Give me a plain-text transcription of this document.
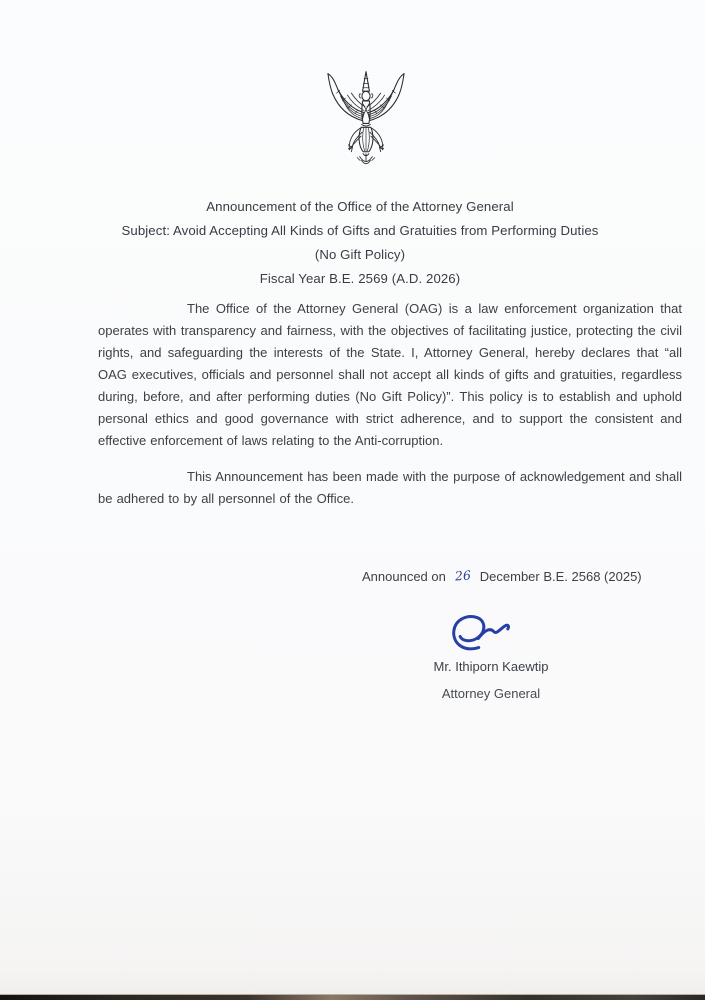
Announcement of the Office of the Attorney General
Subject: Avoid Accepting All Kinds of Gifts and Gratuities from Performing Duties
(No Gift Policy)
Fiscal Year B.E. 2569 (A.D. 2026)

The Office of the Attorney General (OAG) is a law enforcement organization that operates with transparency and fairness, with the objectives of facilitating justice, protecting the civil rights, and safeguarding the interests of the State. I, Attorney General, hereby declares that “all OAG executives, officials and personnel shall not accept all kinds of gifts and gratuities, regardless during, before, and after performing duties (No Gift Policy)”. This policy is to establish and uphold personal ethics and good governance with strict adherence, and to support the consistent and effective enforcement of laws relating to the Anti-corruption.

This Announcement has been made with the purpose of acknowledgement and shall be adhered to by all personnel of the Office.

Announced on 26 December B.E. 2568 (2025)
Mr. Ithiporn Kaewtip
Attorney General
